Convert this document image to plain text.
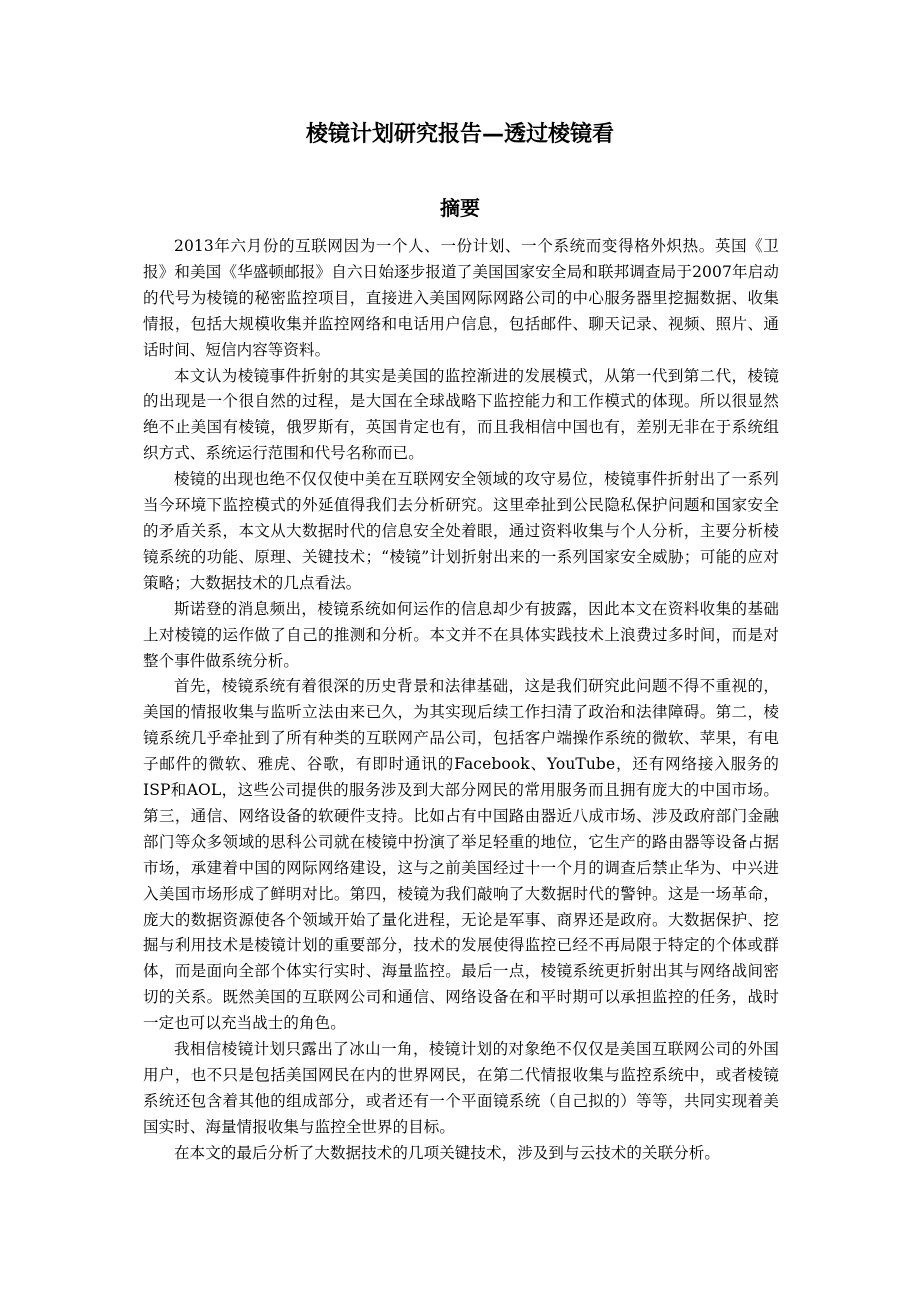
棱镜计划研究报告—透过棱镜看
摘要

2013年六月份的互联网因为一个人、一份计划、一个系统而变得格外炽热。英国《卫报》和美国《华盛顿邮报》自六日始逐步报道了美国国家安全局和联邦调查局于2007年启动的代号为棱镜的秘密监控项目，直接进入美国网际网路公司的中心服务器里挖掘数据、收集情报，包括大规模收集并监控网络和电话用户信息，包括邮件、聊天记录、视频、照片、通话时间、短信内容等资料。

本文认为棱镜事件折射的其实是美国的监控渐进的发展模式，从第一代到第二代，棱镜的出现是一个很自然的过程，是大国在全球战略下监控能力和工作模式的体现。所以很显然绝不止美国有棱镜，俄罗斯有，英国肯定也有，而且我相信中国也有，差别无非在于系统组织方式、系统运行范围和代号名称而已。

棱镜的出现也绝不仅仅使中美在互联网安全领域的攻守易位，棱镜事件折射出了一系列当今环境下监控模式的外延值得我们去分析研究。这里牵扯到公民隐私保护问题和国家安全的矛盾关系，本文从大数据时代的信息安全处着眼，通过资料收集与个人分析，主要分析棱镜系统的功能、原理、关键技术；“棱镜”计划折射出来的一系列国家安全威胁；可能的应对策略；大数据技术的几点看法。

斯诺登的消息频出，棱镜系统如何运作的信息却少有披露，因此本文在资料收集的基础上对棱镜的运作做了自己的推测和分析。本文并不在具体实践技术上浪费过多时间，而是对整个事件做系统分析。

首先，棱镜系统有着很深的历史背景和法律基础，这是我们研究此问题不得不重视的，美国的情报收集与监听立法由来已久，为其实现后续工作扫清了政治和法律障碍。第二，棱镜系统几乎牵扯到了所有种类的互联网产品公司，包括客户端操作系统的微软、苹果，有电子邮件的微软、雅虎、谷歌，有即时通讯的Facebook、YouTube，还有网络接入服务的ISP和AOL，这些公司提供的服务涉及到大部分网民的常用服务而且拥有庞大的中国市场。 第三，通信、网络设备的软硬件支持。比如占有中国路由器近八成市场、涉及政府部门金融部门等众多领域的思科公司就在棱镜中扮演了举足轻重的地位，它生产的路由器等设备占据市场，承建着中国的网际网络建设，这与之前美国经过十一个月的调查后禁止华为、中兴进入美国市场形成了鲜明对比。第四，棱镜为我们敲响了大数据时代的警钟。这是一场革命，庞大的数据资源使各个领域开始了量化进程，无论是军事、商界还是政府。大数据保护、挖掘与利用技术是棱镜计划的重要部分，技术的发展使得监控已经不再局限于特定的个体或群体，而是面向全部个体实行实时、海量监控。最后一点，棱镜系统更折射出其与网络战间密切的关系。既然美国的互联网公司和通信、网络设备在和平时期可以承担监控的任务，战时一定也可以充当战士的角色。

我相信棱镜计划只露出了冰山一角，棱镜计划的对象绝不仅仅是美国互联网公司的外国用户，也不只是包括美国网民在内的世界网民，在第二代情报收集与监控系统中，或者棱镜系统还包含着其他的组成部分，或者还有一个平面镜系统（自己拟的）等等，共同实现着美国实时、海量情报收集与监控全世界的目标。

在本文的最后分析了大数据技术的几项关键技术，涉及到与云技术的关联分析。
